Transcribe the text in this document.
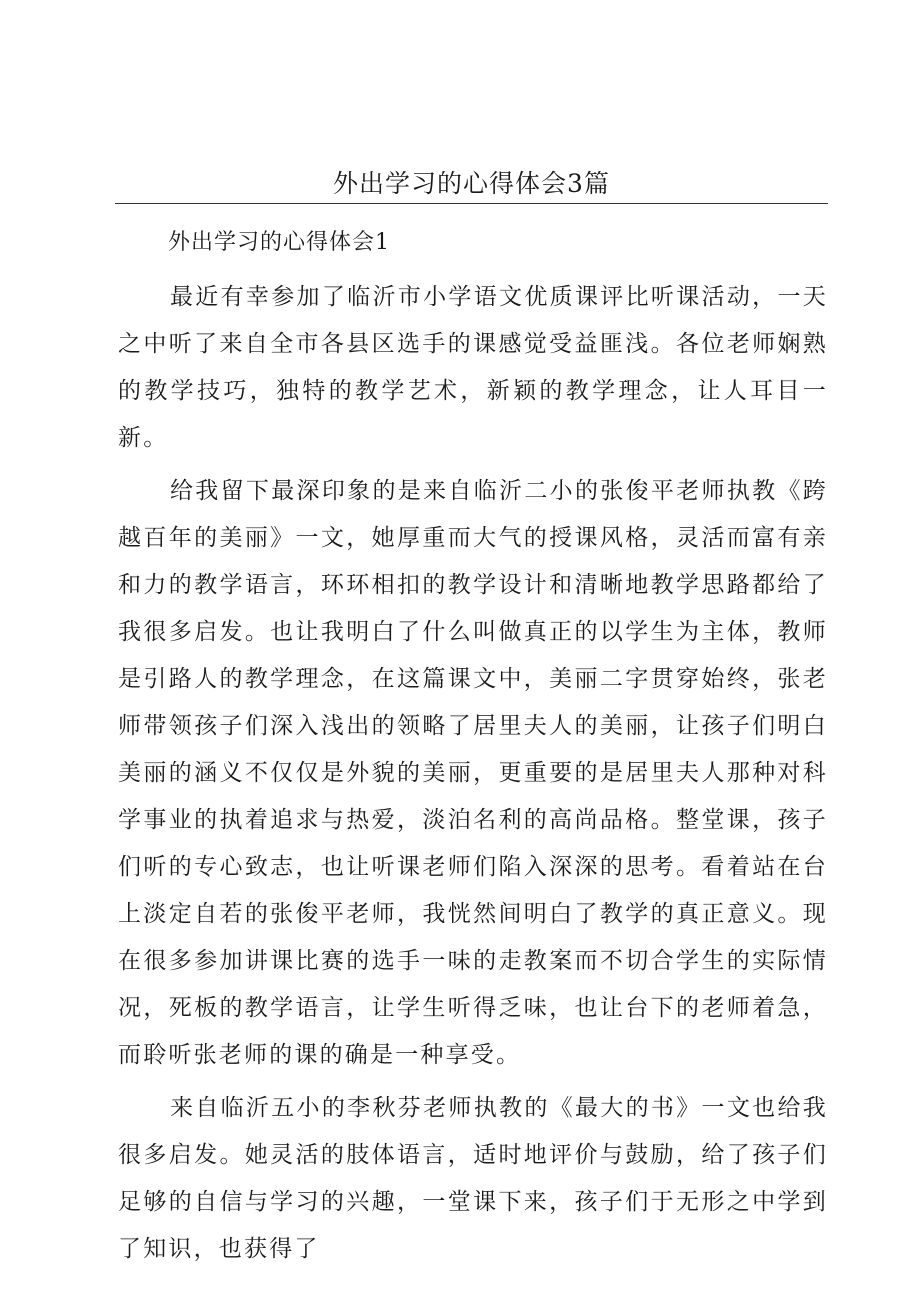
外出学习的心得体会3篇
外出学习的心得体会1

最近有幸参加了临沂市小学语文优质课评比听课活动，一天之中听了来自全市各县区选手的课感觉受益匪浅。各位老师娴熟的教学技巧，独特的教学艺术，新颖的教学理念，让人耳目一新。

给我留下最深印象的是来自临沂二小的张俊平老师执教《跨越百年的美丽》一文，她厚重而大气的授课风格，灵活而富有亲和力的教学语言，环环相扣的教学设计和清晰地教学思路都给了我很多启发。也让我明白了什么叫做真正的以学生为主体，教师是引路人的教学理念，在这篇课文中，美丽二字贯穿始终，张老师带领孩子们深入浅出的领略了居里夫人的美丽，让孩子们明白美丽的涵义不仅仅是外貌的美丽，更重要的是居里夫人那种对科学事业的执着追求与热爱，淡泊名利的高尚品格。整堂课，孩子们听的专心致志，也让听课老师们陷入深深的思考。看着站在台上淡定自若的张俊平老师，我恍然间明白了教学的真正意义。现在很多参加讲课比赛的选手一味的走教案而不切合学生的实际情况，死板的教学语言，让学生听得乏味，也让台下的老师着急，而聆听张老师的课的确是一种享受。

来自临沂五小的李秋芬老师执教的《最大的书》一文也给我很多启发。她灵活的肢体语言，适时地评价与鼓励，给了孩子们足够的自信与学习的兴趣，一堂课下来，孩子们于无形之中学到了知识，也获得了
